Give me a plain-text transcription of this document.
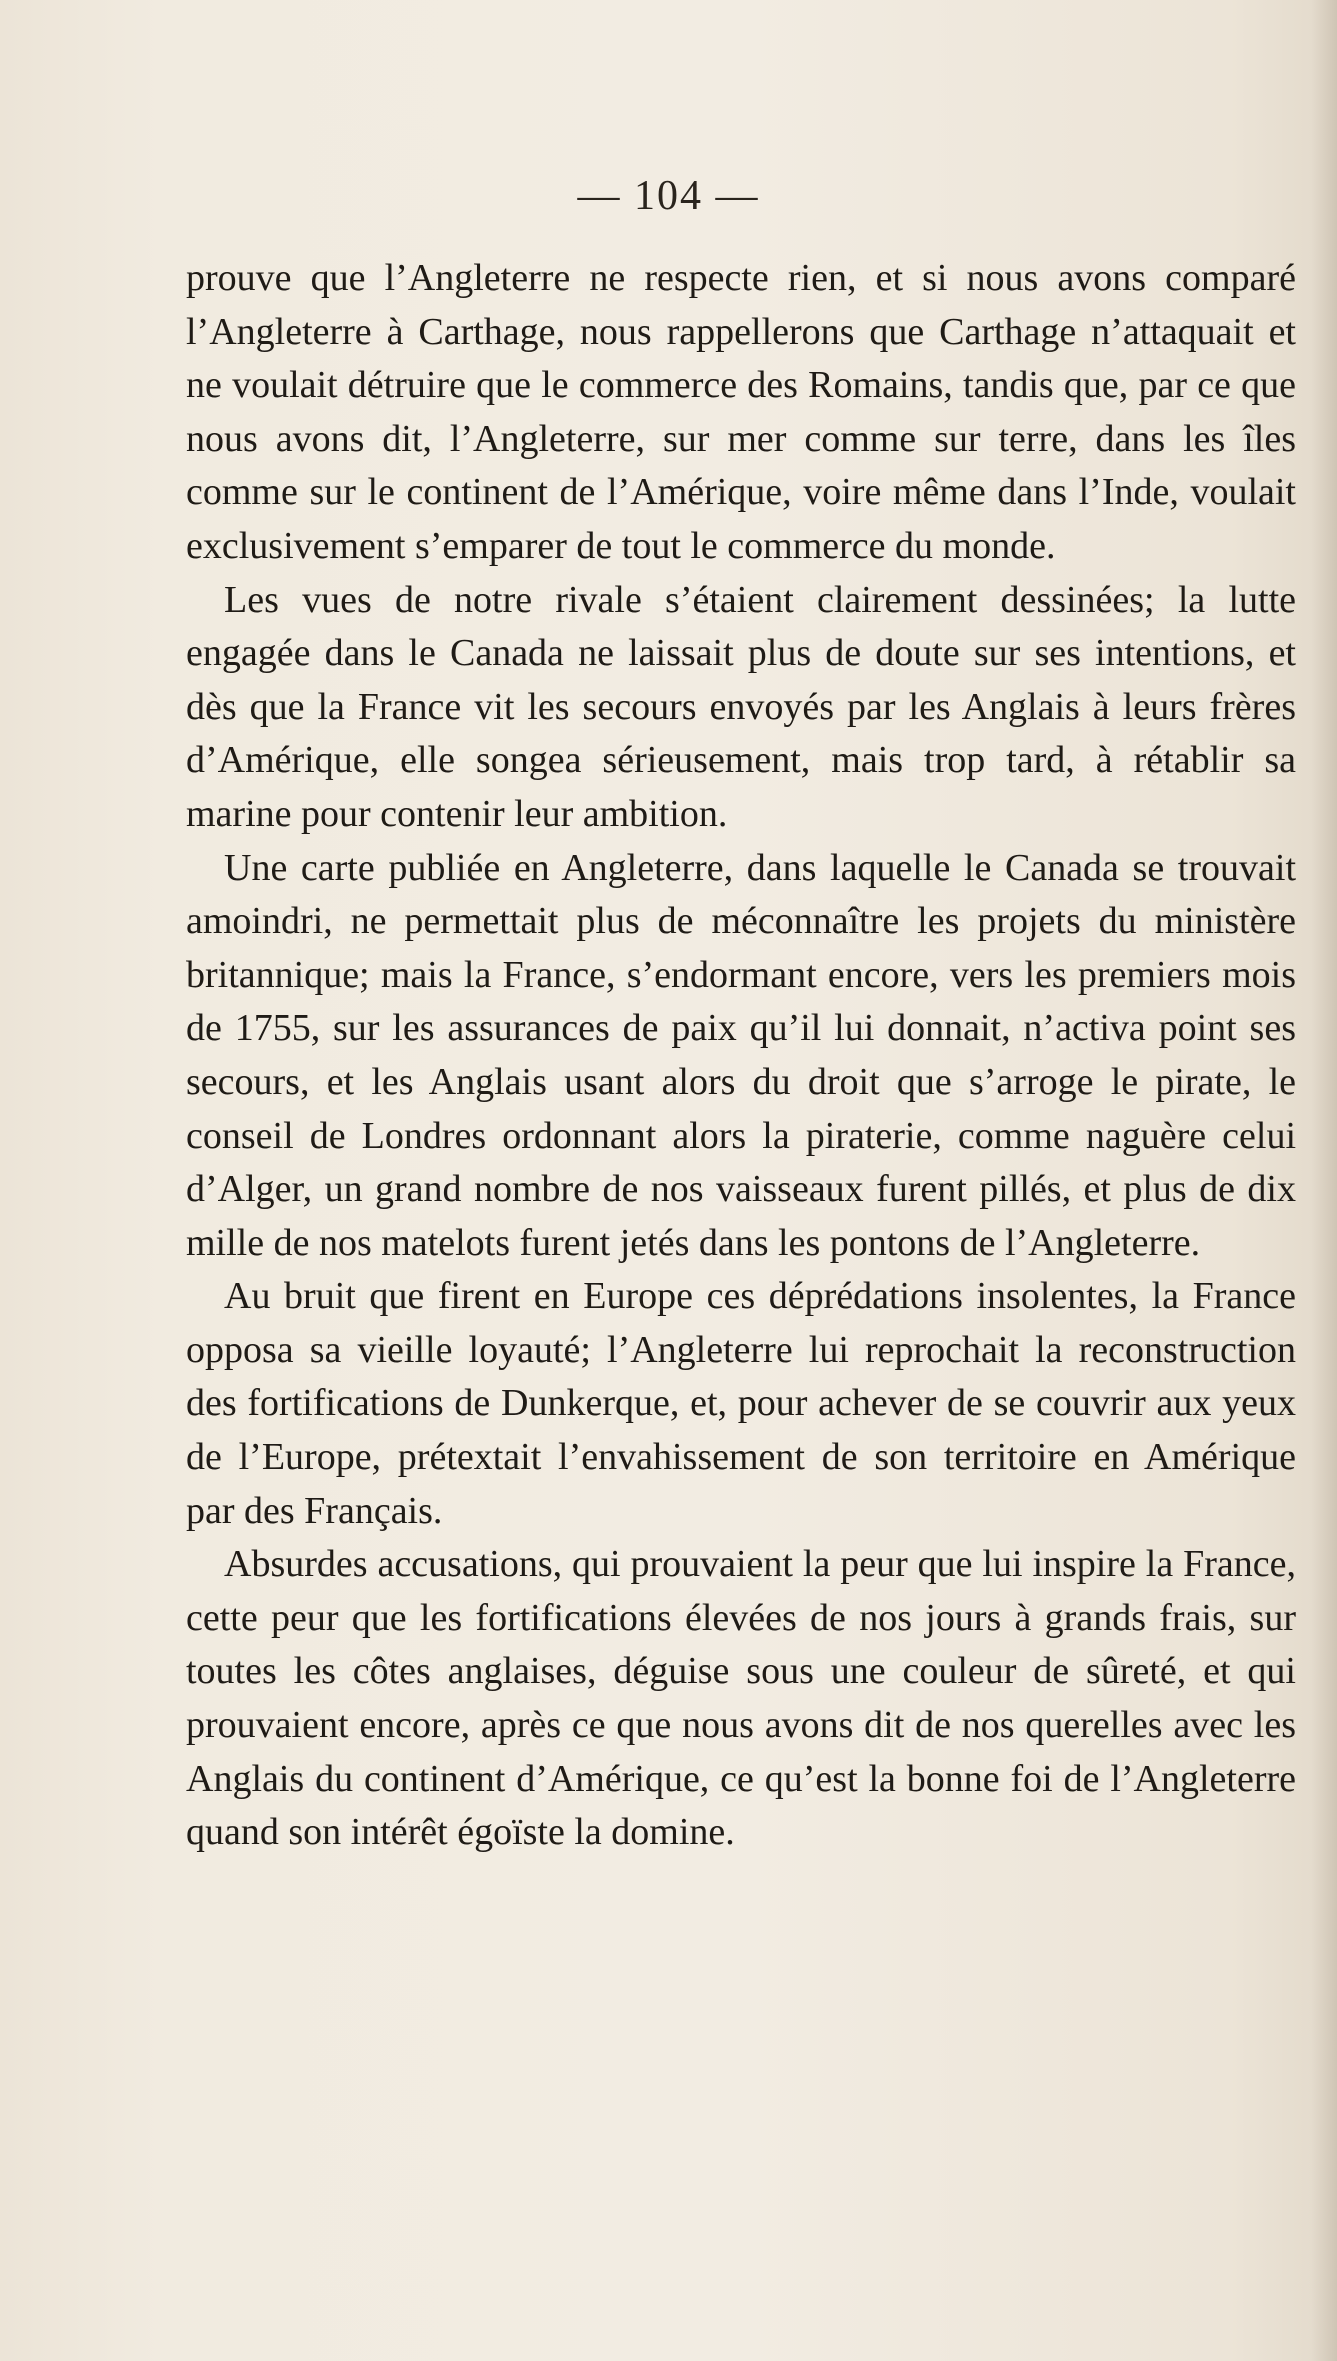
— 104 —

prouve que l’Angleterre ne respecte rien, et si nous avons comparé l’Angleterre à Carthage, nous rappellerons que Carthage n’attaquait et ne voulait détruire que le commerce des Romains, tandis que, par ce que nous avons dit, l’Angleterre, sur mer comme sur terre, dans les îles comme sur le continent de l’Amérique, voire même dans l’Inde, voulait exclusivement s’emparer de tout le commerce du monde.

Les vues de notre rivale s’étaient clairement dessinées; la lutte engagée dans le Canada ne laissait plus de doute sur ses intentions, et dès que la France vit les secours envoyés par les Anglais à leurs frères d’Amérique, elle songea sérieusement, mais trop tard, à rétablir sa marine pour contenir leur ambition.

Une carte publiée en Angleterre, dans laquelle le Canada se trouvait amoindri, ne permettait plus de méconnaître les projets du ministère britannique; mais la France, s’endormant encore, vers les premiers mois de 1755, sur les assurances de paix qu’il lui donnait, n’activa point ses secours, et les Anglais usant alors du droit que s’arroge le pirate, le conseil de Londres ordonnant alors la piraterie, comme naguère celui d’Alger, un grand nombre de nos vaisseaux furent pillés, et plus de dix mille de nos matelots furent jetés dans les pontons de l’Angleterre.

Au bruit que firent en Europe ces déprédations insolentes, la France opposa sa vieille loyauté; l’Angleterre lui reprochait la reconstruction des fortifications de Dunkerque, et, pour achever de se couvrir aux yeux de l’Europe, prétextait l’envahissement de son territoire en Amérique par des Français.

Absurdes accusations, qui prouvaient la peur que lui inspire la France, cette peur que les fortifications élevées de nos jours à grands frais, sur toutes les côtes anglaises, déguise sous une couleur de sûreté, et qui prouvaient encore, après ce que nous avons dit de nos querelles avec les Anglais du continent d’Amérique, ce qu’est la bonne foi de l’Angleterre quand son intérêt égoïste la domine.
